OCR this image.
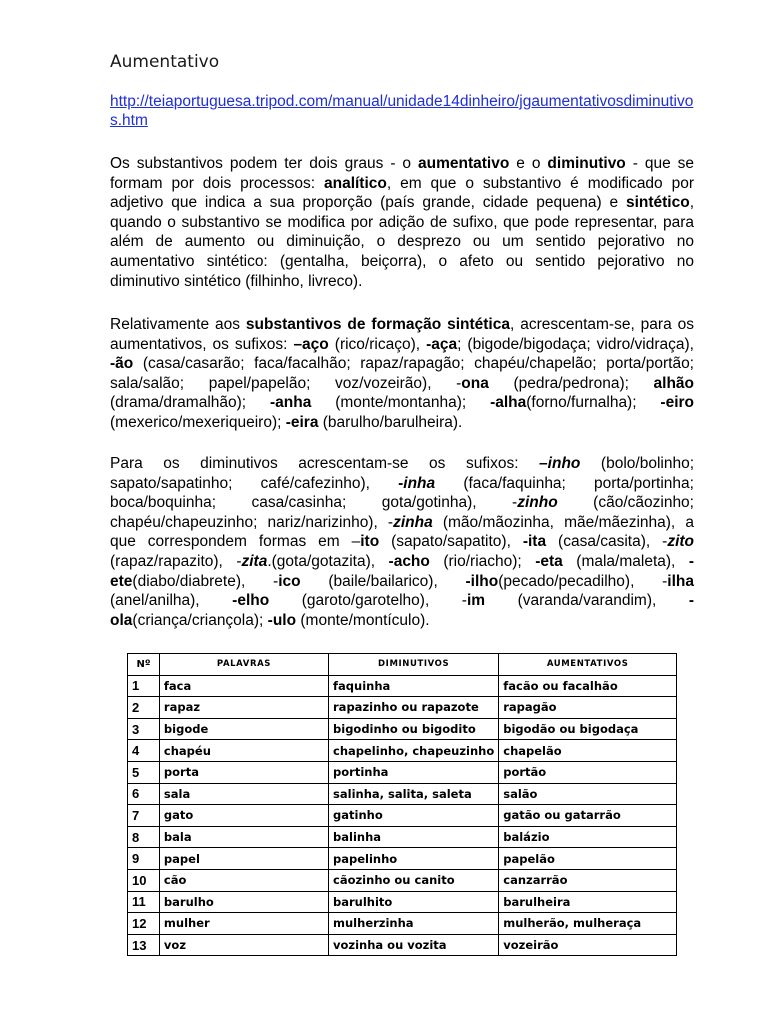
Aumentativo
http://teiaportuguesa.tripod.com/manual/unidade14dinheiro/jgaumentativosdiminutivos.htm
Os substantivos podem ter dois graus - o aumentativo e o diminutivo - que se formam por dois processos: analítico, em que o substantivo é modificado por adjetivo que indica a sua proporção (país grande, cidade pequena) e sintético, quando o substantivo se modifica por adição de sufixo, que pode representar, para além de aumento ou diminuição, o desprezo ou um sentido pejorativo no aumentativo sintético: (gentalha, beiçorra), o afeto ou sentido pejorativo no diminutivo sintético (filhinho, livreco).
Relativamente aos substantivos de formação sintética, acrescentam-se, para os aumentativos, os sufixos: –aço (rico/ricaço), -aça; (bigode/bigodaça; vidro/vidraça), -ão (casa/casarão; faca/facalhão; rapaz/rapagão; chapéu/chapelão; porta/portão; sala/salão; papel/papelão; voz/vozeirão), -ona (pedra/pedrona); alhão (drama/dramalhão); -anha (monte/montanha); -alha(forno/furnalha); -eiro (mexerico/mexeriqueiro); -eira (barulho/barulheira).
Para os diminutivos acrescentam-se os sufixos: –inho (bolo/bolinho; sapato/sapatinho; café/cafezinho), -inha (faca/faquinha; porta/portinha; boca/boquinha; casa/casinha; gota/gotinha), -zinho (cão/cãozinho; chapéu/chapeuzinho; nariz/narizinho), -zinha (mão/mãozinha, mãe/mãezinha), a que correspondem formas em –ito (sapato/sapatito), -ita (casa/casita), -zito (rapaz/rapazito), -zita.(gota/gotazita), -acho (rio/riacho); -eta (mala/maleta), -ete(diabo/diabrete), -ico (baile/bailarico), -ilho(pecado/pecadilho), -ilha (anel/anilha), -elho (garoto/garotelho), -im (varanda/varandim), -ola(criança/criançola); -ulo (monte/montículo).
Nº	PALAVRAS	DIMINUTIVOS	AUMENTATIVOS
1	faca	faquinha	facão ou facalhão
2	rapaz	rapazinho ou rapazote	rapagão
3	bigode	bigodinho ou bigodito	bigodão ou bigodaça
4	chapéu	chapelinho, chapeuzinho	chapelão
5	porta	portinha	portão
6	sala	salinha, salita, saleta	salão
7	gato	gatinho	gatão ou gatarrão
8	bala	balinha	balázio
9	papel	papelinho	papelão
10	cão	cãozinho ou canito	canzarrão
11	barulho	barulhito	barulheira
12	mulher	mulherzinha	mulherão, mulheraça
13	voz	vozinha ou vozita	vozeirão
